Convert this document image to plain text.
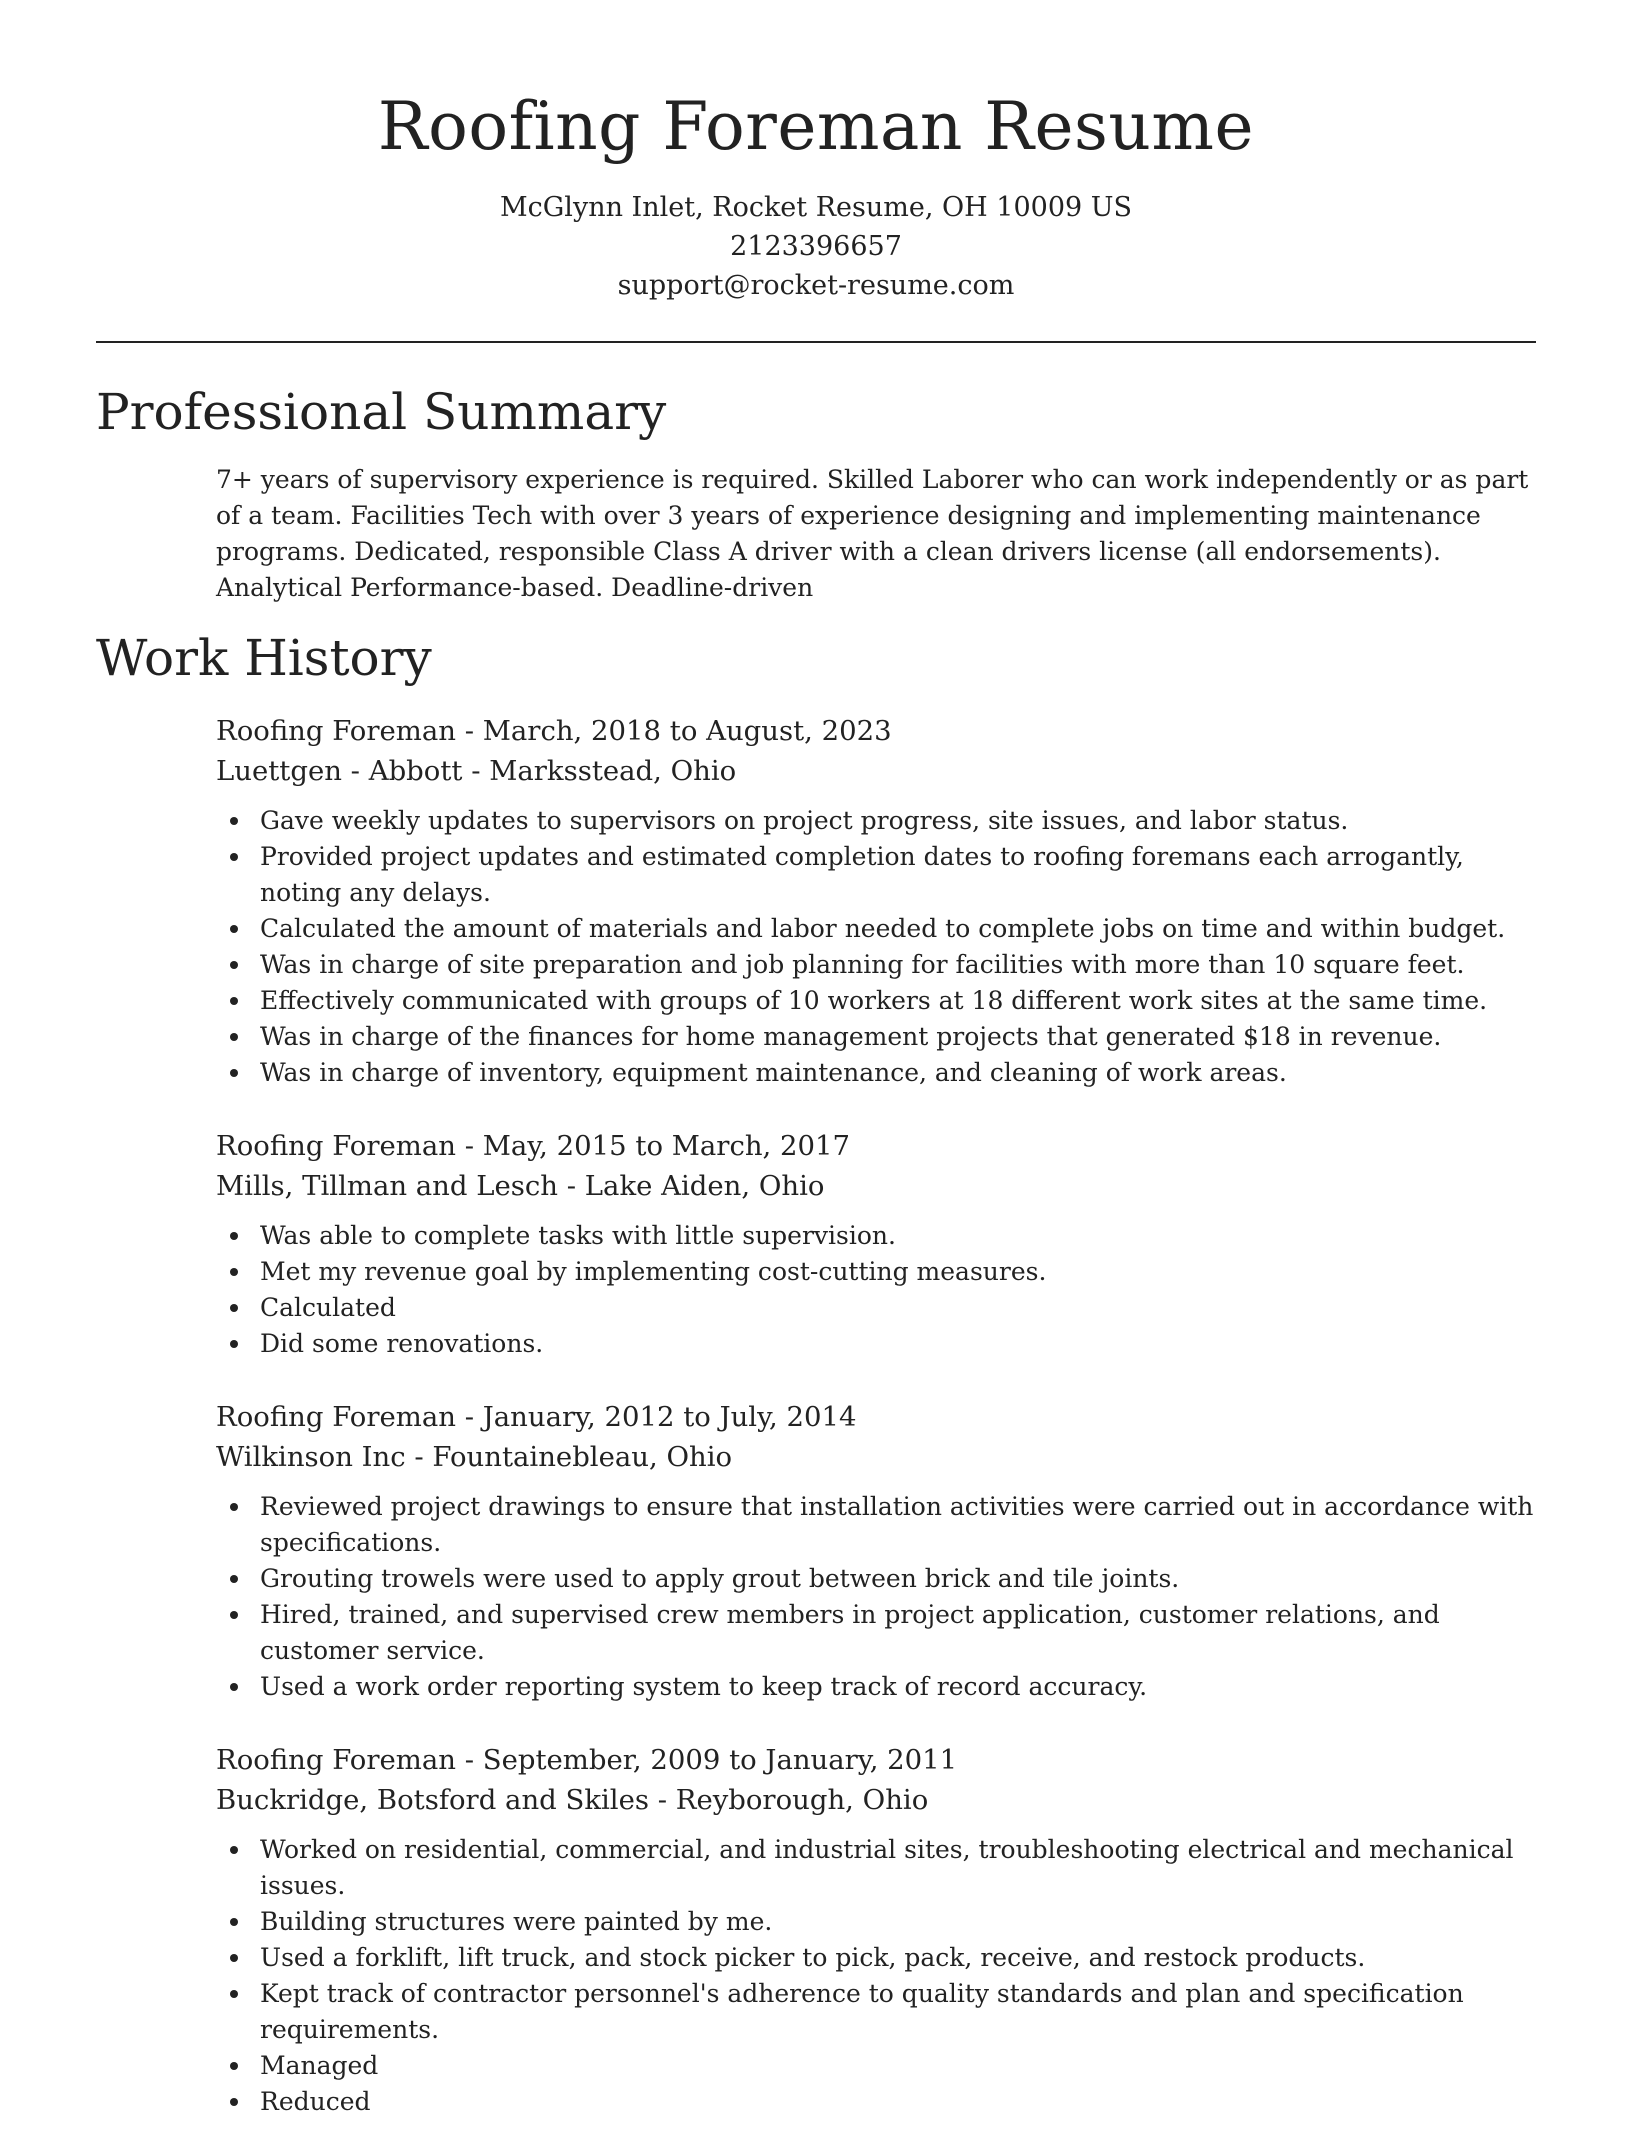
Roofing Foreman Resume
McGlynn Inlet, Rocket Resume, OH 10009 US
2123396657
support@rocket-resume.com
Professional Summary
7+ years of supervisory experience is required. Skilled Laborer who can work independently or as part of a team. Facilities Tech with over 3 years of experience designing and implementing maintenance programs. Dedicated, responsible Class A driver with a clean drivers license (all endorsements). Analytical Performance-based. Deadline-driven
Work History
Roofing Foreman - March, 2018 to August, 2023
Luettgen - Abbott - Marksstead, Ohio
Gave weekly updates to supervisors on project progress, site issues, and labor status.
Provided project updates and estimated completion dates to roofing foremans each arrogantly, noting any delays.
Calculated the amount of materials and labor needed to complete jobs on time and within budget.
Was in charge of site preparation and job planning for facilities with more than 10 square feet.
Effectively communicated with groups of 10 workers at 18 different work sites at the same time.
Was in charge of the finances for home management projects that generated $18 in revenue.
Was in charge of inventory, equipment maintenance, and cleaning of work areas.
Roofing Foreman - May, 2015 to March, 2017
Mills, Tillman and Lesch - Lake Aiden, Ohio
Was able to complete tasks with little supervision.
Met my revenue goal by implementing cost-cutting measures.
Calculated
Did some renovations.
Roofing Foreman - January, 2012 to July, 2014
Wilkinson Inc - Fountainebleau, Ohio
Reviewed project drawings to ensure that installation activities were carried out in accordance with specifications.
Grouting trowels were used to apply grout between brick and tile joints.
Hired, trained, and supervised crew members in project application, customer relations, and customer service.
Used a work order reporting system to keep track of record accuracy.
Roofing Foreman - September, 2009 to January, 2011
Buckridge, Botsford and Skiles - Reyborough, Ohio
Worked on residential, commercial, and industrial sites, troubleshooting electrical and mechanical issues.
Building structures were painted by me.
Used a forklift, lift truck, and stock picker to pick, pack, receive, and restock products.
Kept track of contractor personnel's adherence to quality standards and plan and specification requirements.
Managed
Reduced
